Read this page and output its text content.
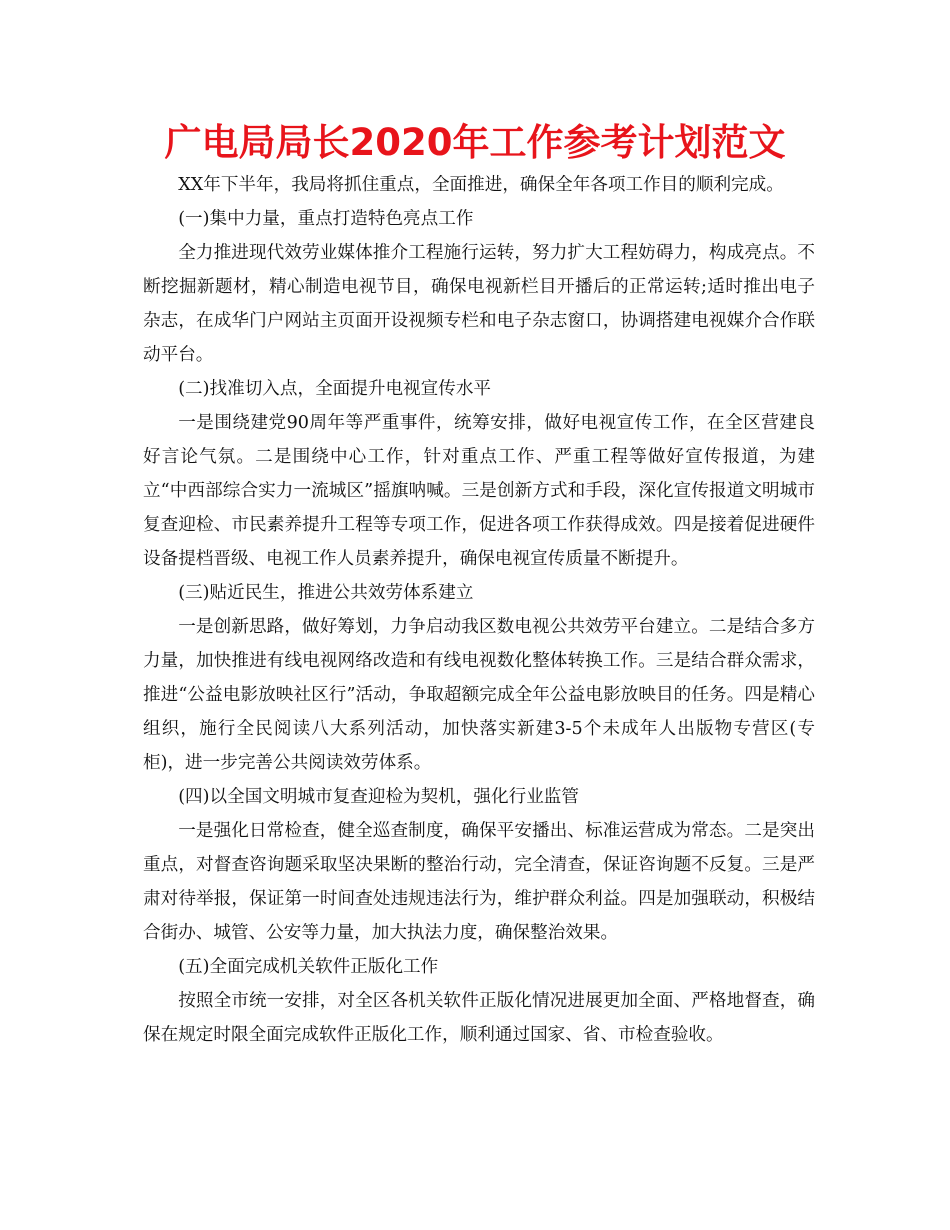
广电局局长2020年工作参考计划范文

XX年下半年，我局将抓住重点，全面推进，确保全年各项工作目的顺利完成。

(一)集中力量，重点打造特色亮点工作

全力推进现代效劳业媒体推介工程施行运转，努力扩大工程妨碍力，构成亮点。不断挖掘新题材，精心制造电视节目，确保电视新栏目开播后的正常运转;适时推出电子杂志，在成华门户网站主页面开设视频专栏和电子杂志窗口，协调搭建电视媒介合作联动平台。

(二)找准切入点，全面提升电视宣传水平

一是围绕建党90周年等严重事件，统筹安排，做好电视宣传工作，在全区营建良好言论气氛。二是围绕中心工作，针对重点工作、严重工程等做好宣传报道，为建立“中西部综合实力一流城区”摇旗呐喊。三是创新方式和手段，深化宣传报道文明城市复查迎检、市民素养提升工程等专项工作，促进各项工作获得成效。四是接着促进硬件设备提档晋级、电视工作人员素养提升，确保电视宣传质量不断提升。

(三)贴近民生，推进公共效劳体系建立

一是创新思路，做好筹划，力争启动我区数电视公共效劳平台建立。二是结合多方力量，加快推进有线电视网络改造和有线电视数化整体转换工作。三是结合群众需求，推进“公益电影放映社区行”活动，争取超额完成全年公益电影放映目的任务。四是精心组织，施行全民阅读八大系列活动，加快落实新建3-5个未成年人出版物专营区(专柜)，进一步完善公共阅读效劳体系。

(四)以全国文明城市复查迎检为契机，强化行业监管

一是强化日常检查，健全巡查制度，确保平安播出、标准运营成为常态。二是突出重点，对督查咨询题采取坚决果断的整治行动，完全清查，保证咨询题不反复。三是严肃对待举报，保证第一时间查处违规违法行为，维护群众利益。四是加强联动，积极结合街办、城管、公安等力量，加大执法力度，确保整治效果。

(五)全面完成机关软件正版化工作

按照全市统一安排，对全区各机关软件正版化情况进展更加全面、严格地督查，确保在规定时限全面完成软件正版化工作，顺利通过国家、省、市检查验收。
